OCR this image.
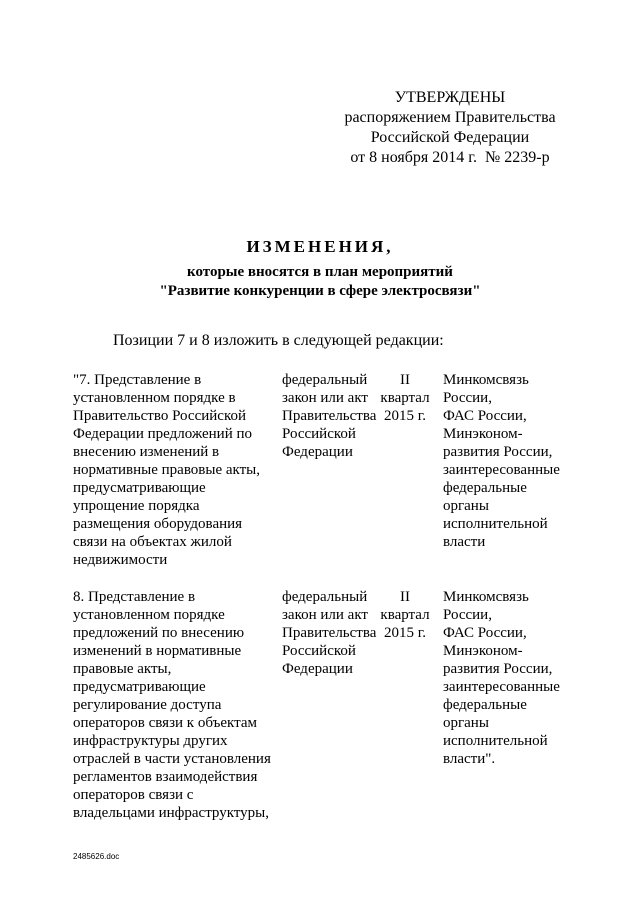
УТВЕРЖДЕНЫ
распоряжением Правительства
Российской Федерации
от 8 ноября 2014 г.  № 2239-р
ИЗМЕНЕНИЯ,
которые вносятся в план мероприятий
"Развитие конкуренции в сфере электросвязи"
Позиции 7 и 8 изложить в следующей редакции:
"7. Представление в
установленном порядке в
Правительство Российской
Федерации предложений по
внесению изменений в
нормативные правовые акты,
предусматривающие
упрощение порядка
размещения оборудования
связи на объектах жилой
недвижимости
федеральный
закон или акт
Правительства
Российской
Федерации
II
квартал
2015 г.
Минкомсвязь
России,
ФАС России,
Минэконом-
развития России,
заинтересованные
федеральные
органы
исполнительной
власти
8. Представление в
установленном порядке
предложений по внесению
изменений в нормативные
правовые акты,
предусматривающие
регулирование доступа
операторов связи к объектам
инфраструктуры других
отраслей в части установления
регламентов взаимодействия
операторов связи с
владельцами инфраструктуры,
федеральный
закон или акт
Правительства
Российской
Федерации
II
квартал
2015 г.
Минкомсвязь
России,
ФАС России,
Минэконом-
развития России,
заинтересованные
федеральные
органы
исполнительной
власти".
2485626.doc
